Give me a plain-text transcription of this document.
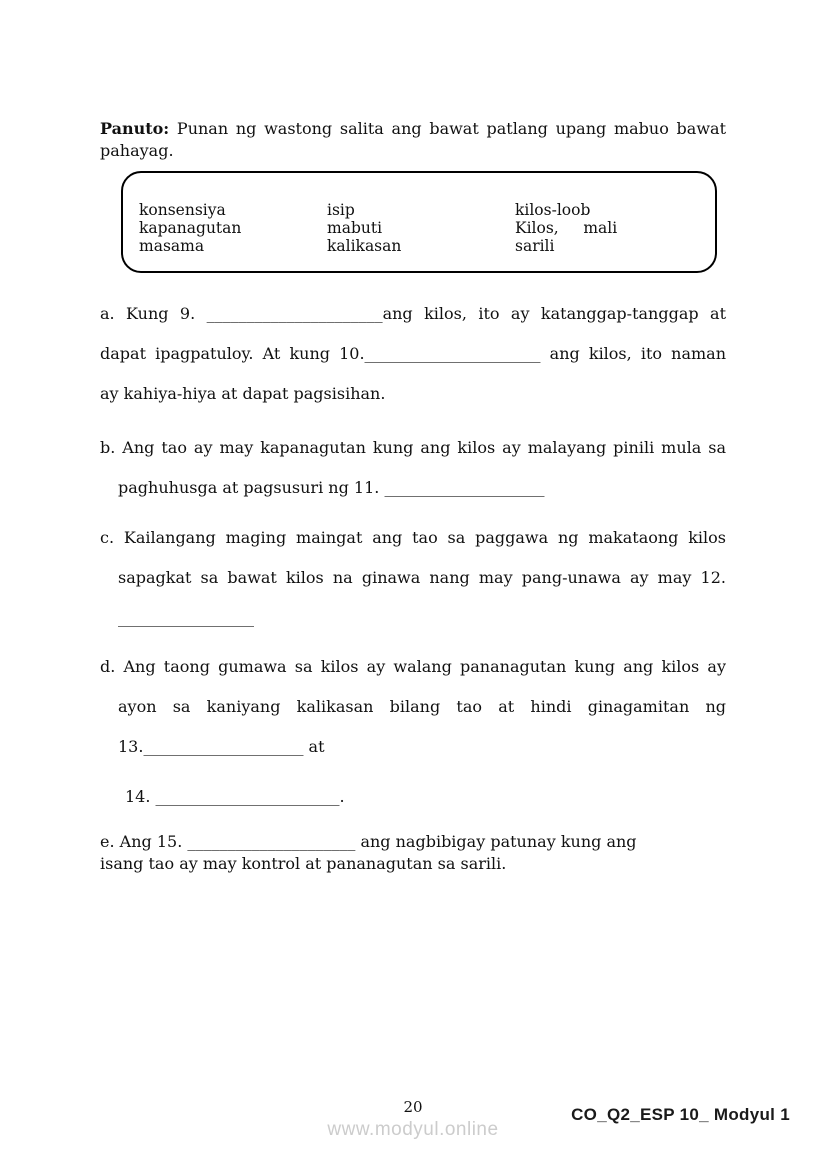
Panuto: Punan ng wastong salita ang bawat patlang upang mabuo bawat
pahayag.
konsensiya
kapanagutan
masama
isip
mabuti
kalikasan
kilos-loob
Kilos,     mali
sarili
a. Kung 9. ______________________ang kilos, ito ay katanggap-tanggap at
dapat ipagpatuloy. At kung 10.______________________ ang kilos, ito naman
ay kahiya-hiya at dapat pagsisihan.
b. Ang tao ay may kapanagutan kung ang kilos ay malayang pinili mula sa
paghuhusga at pagsusuri ng 11. ____________________
c. Kailangang maging maingat ang tao sa paggawa ng makataong kilos
sapagkat sa bawat kilos na ginawa nang may pang-unawa ay may 12.
_________________
d. Ang taong gumawa sa kilos ay walang pananagutan kung ang kilos ay
ayon sa kaniyang kalikasan bilang tao at hindi ginagamitan ng
13.____________________ at
14. _______________________.
e. Ang 15. _____________________ ang nagbibigay patunay kung ang
isang tao ay may kontrol at pananagutan sa sarili.
20
www.modyul.online
CO_Q2_ESP 10_ Modyul 1
